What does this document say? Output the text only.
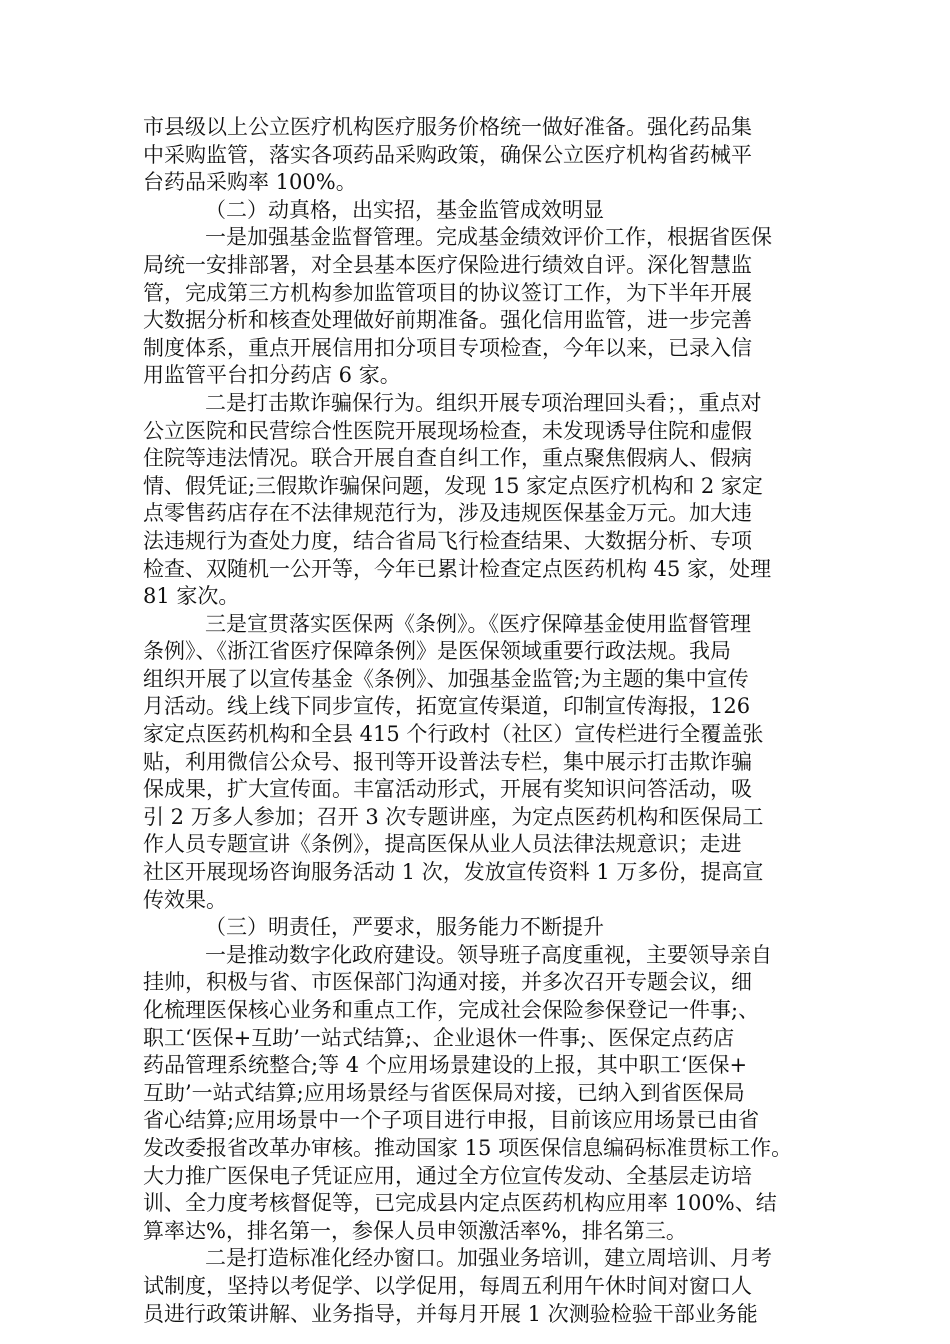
市县级以上公立医疗机构医疗服务价格统一做好准备。强化药品集
中采购监管，落实各项药品采购政策，确保公立医疗机构省药械平
台药品采购率 100%。
（二）动真格，出实招，基金监管成效明显
一是加强基金监督管理。完成基金绩效评价工作，根据省医保
局统一安排部署，对全县基本医疗保险进行绩效自评。深化智慧监
管，完成第三方机构参加监管项目的协议签订工作，为下半年开展
大数据分析和核查处理做好前期准备。强化信用监管，进一步完善
制度体系，重点开展信用扣分项目专项检查，今年以来，已录入信
用监管平台扣分药店 6 家。
二是打击欺诈骗保行为。组织开展专项治理回头看；，重点对
公立医院和民营综合性医院开展现场检查，未发现诱导住院和虚假
住院等违法情况。联合开展自查自纠工作，重点聚焦假病人、假病
情、假凭证;三假欺诈骗保问题，发现 15 家定点医疗机构和 2 家定
点零售药店存在不法律规范行为，涉及违规医保基金万元。加大违
法违规行为查处力度，结合省局飞行检查结果、大数据分析、专项
检查、双随机一公开等，今年已累计检查定点医药机构 45 家，处理
81 家次。
三是宣贯落实医保两《条例》。《医疗保障基金使用监督管理
条例》、《浙江省医疗保障条例》是医保领域重要行政法规。我局
组织开展了以宣传基金《条例》、加强基金监管;为主题的集中宣传
月活动。线上线下同步宣传，拓宽宣传渠道，印制宣传海报，126
家定点医药机构和全县 415 个行政村（社区）宣传栏进行全覆盖张
贴，利用微信公众号、报刊等开设普法专栏，集中展示打击欺诈骗
保成果，扩大宣传面。丰富活动形式，开展有奖知识问答活动，吸
引 2 万多人参加；召开 3 次专题讲座，为定点医药机构和医保局工
作人员专题宣讲《条例》，提高医保从业人员法律法规意识；走进
社区开展现场咨询服务活动 1 次，发放宣传资料 1 万多份，提高宣
传效果。
（三）明责任，严要求，服务能力不断提升
一是推动数字化政府建设。领导班子高度重视，主要领导亲自
挂帅，积极与省、市医保部门沟通对接，并多次召开专题会议，细
化梳理医保核心业务和重点工作，完成社会保险参保登记一件事;、
职工‘医保+互助’一站式结算;、企业退休一件事;、医保定点药店
药品管理系统整合;等 4 个应用场景建设的上报，其中职工‘医保+
互助’一站式结算;应用场景经与省医保局对接，已纳入到省医保局
省心结算;应用场景中一个子项目进行申报，目前该应用场景已由省
发改委报省改革办审核。推动国家 15 项医保信息编码标准贯标工作。
大力推广医保电子凭证应用，通过全方位宣传发动、全基层走访培
训、全力度考核督促等，已完成县内定点医药机构应用率 100%、结
算率达%，排名第一，参保人员申领激活率%，排名第三。
二是打造标准化经办窗口。加强业务培训，建立周培训、月考
试制度，坚持以考促学、以学促用，每周五利用午休时间对窗口人
员进行政策讲解、业务指导，并每月开展 1 次测验检验干部业务能
